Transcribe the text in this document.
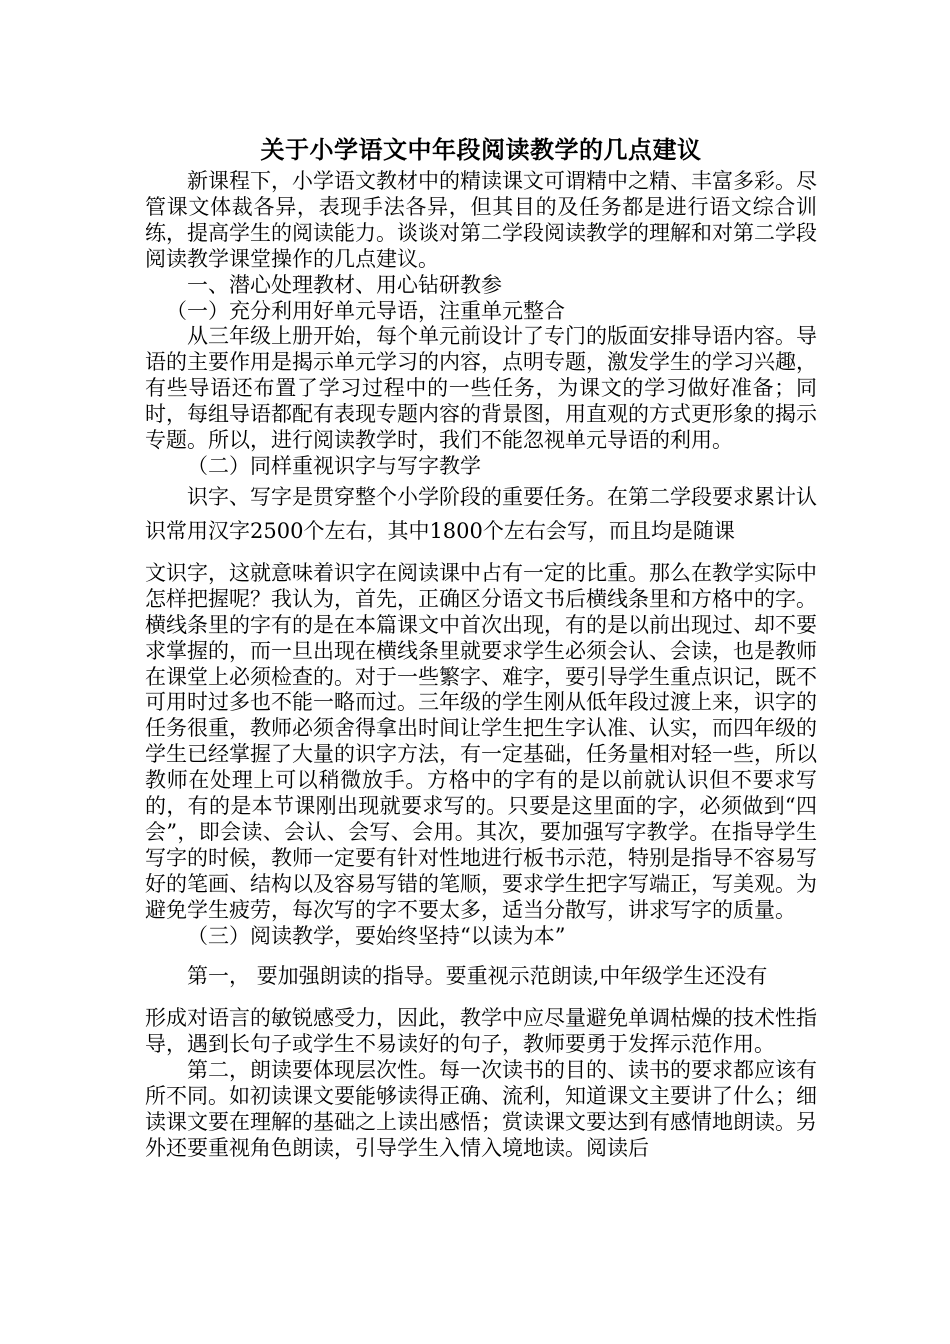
关于小学语文中年段阅读教学的几点建议

新课程下，小学语文教材中的精读课文可谓精中之精、丰富多彩。尽管课文体裁各异，表现手法各异，但其目的及任务都是进行语文综合训练，提高学生的阅读能力。谈谈对第二学段阅读教学的理解和对第二学段阅读教学课堂操作的几点建议。

一、潜心处理教材、用心钻研教参

（一）充分利用好单元导语，注重单元整合

从三年级上册开始，每个单元前设计了专门的版面安排导语内容。导语的主要作用是揭示单元学习的内容，点明专题，激发学生的学习兴趣，有些导语还布置了学习过程中的一些任务，为课文的学习做好准备；同时，每组导语都配有表现专题内容的背景图，用直观的方式更形象的揭示专题。所以，进行阅读教学时，我们不能忽视单元导语的利用。

（二）同样重视识字与写字教学

识字、写字是贯穿整个小学阶段的重要任务。在第二学段要求累计认识常用汉字2500个左右，其中1800个左右会写，而且均是随课

文识字，这就意味着识字在阅读课中占有一定的比重。那么在教学实际中怎样把握呢？我认为，首先，正确区分语文书后横线条里和方格中的字。横线条里的字有的是在本篇课文中首次出现，有的是以前出现过、却不要求掌握的，而一旦出现在横线条里就要求学生必须会认、会读，也是教师在课堂上必须检查的。对于一些繁字、难字，要引导学生重点识记，既不可用时过多也不能一略而过。三年级的学生刚从低年段过渡上来，识字的任务很重，教师必须舍得拿出时间让学生把生字认准、认实，而四年级的学生已经掌握了大量的识字方法，有一定基础，任务量相对轻一些，所以教师在处理上可以稍微放手。方格中的字有的是以前就认识但不要求写的，有的是本节课刚出现就要求写的。只要是这里面的字，必须做到“四会”，即会读、会认、会写、会用。其次，要加强写字教学。在指导学生写字的时候，教师一定要有针对性地进行板书示范，特别是指导不容易写好的笔画、结构以及容易写错的笔顺，要求学生把字写端正，写美观。为避免学生疲劳，每次写的字不要太多，适当分散写，讲求写字的质量。

（三）阅读教学，要始终坚持“以读为本”

第一， 要加强朗读的指导。要重视示范朗读,中年级学生还没有

形成对语言的敏锐感受力，因此，教学中应尽量避免单调枯燥的技术性指导，遇到长句子或学生不易读好的句子，教师要勇于发挥示范作用。

第二，朗读要体现层次性。每一次读书的目的、读书的要求都应该有所不同。如初读课文要能够读得正确、流利，知道课文主要讲了什么；细读课文要在理解的基础之上读出感悟；赏读课文要达到有感情地朗读。另外还要重视角色朗读，引导学生入情入境地读。阅读后
